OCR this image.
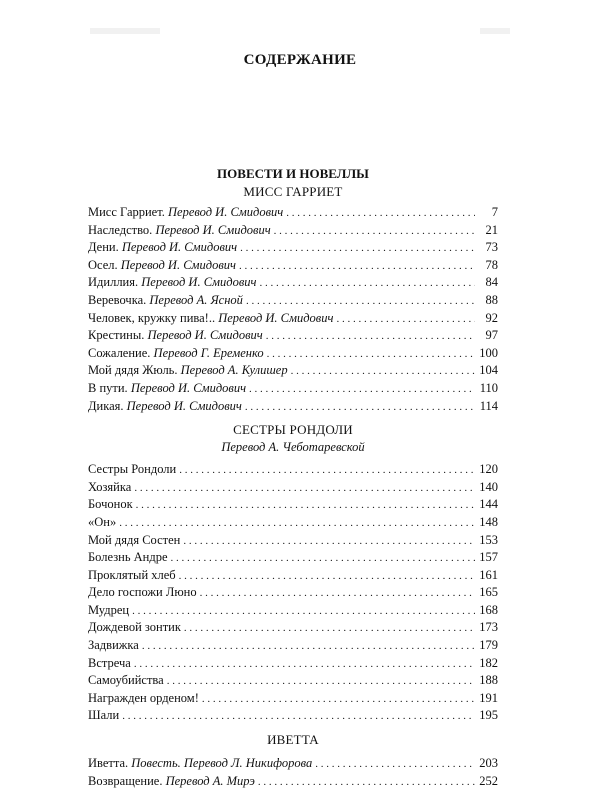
СОДЕРЖАНИЕ
ПОВЕСТИ И НОВЕЛЛЫ
МИСС ГАРРИЕТ
Мисс Гарриет. Перевод И. Смидович . . .	7
Наследство. Перевод И. Смидович . . .	21
Дени. Перевод И. Смидович . . .	73
Осел. Перевод И. Смидович . . .	78
Идиллия. Перевод И. Смидович . . .	84
Веревочка. Перевод А. Ясной . . .	88
Человек, кружку пива!.. Перевод И. Смидович . . .	92
Крестины. Перевод И. Смидович . . .	97
Сожаление. Перевод Г. Еременко . . .	100
Мой дядя Жюль. Перевод А. Кулишер . . .	104
В пути. Перевод И. Смидович . . .	110
Дикая. Перевод И. Смидович . . .	114
СЕСТРЫ РОНДОЛИ
Перевод А. Чеботаревской
Сестры Рондоли . . .	120
Хозяйка . . .	140
Бочонок . . .	144
«Он» . . .	148
Мой дядя Состен . . .	153
Болезнь Андре . . .	157
Проклятый хлеб . . .	161
Дело госпожи Люно . . .	165
Мудрец . . .	168
Дождевой зонтик . . .	173
Задвижка . . .	179
Встреча . . .	182
Самоубийства . . .	188
Награжден орденом! . . .	191
Шали . . .	195
ИВЕТТА
Иветта. Повесть. Перевод Л. Никифорова . . .	203
Возвращение. Перевод А. Мирэ . . .	252
